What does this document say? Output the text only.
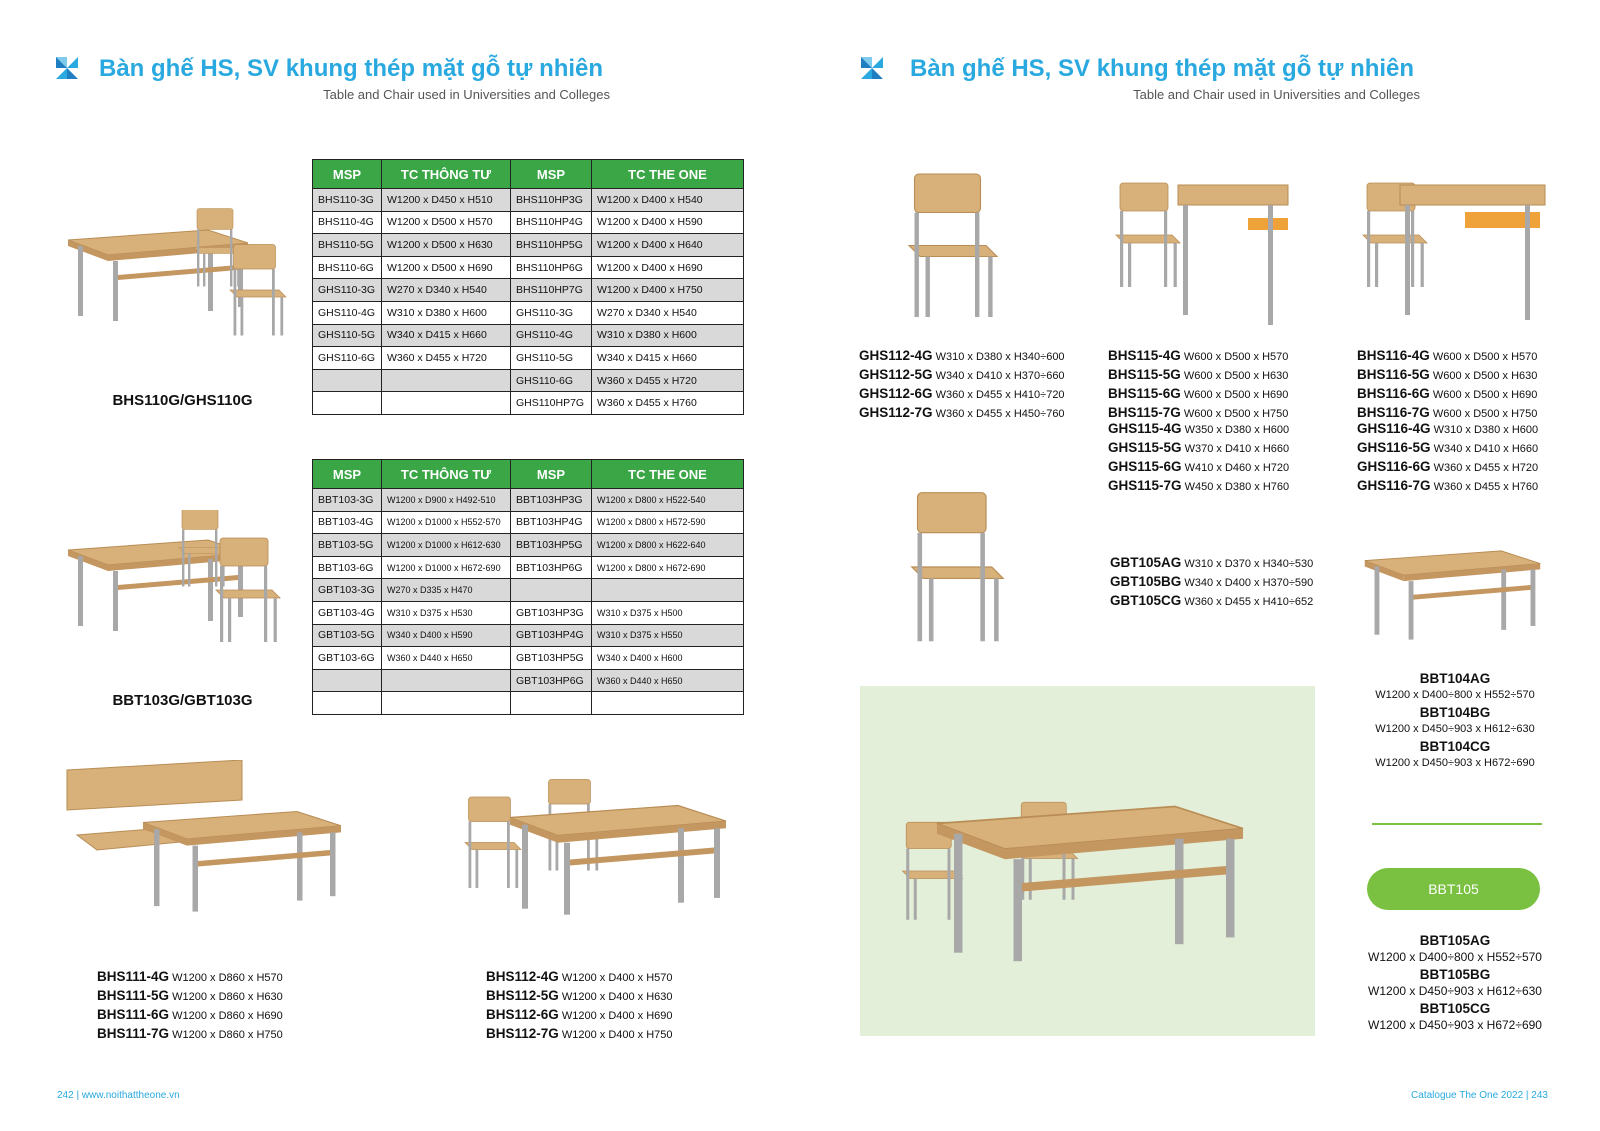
Bàn ghế HS, SV khung thép mặt gỗ tự nhiên
Table and Chair used in Universities and Colleges
BHS110G/GHS110G
MSP	TC THÔNG TƯ	MSP	TC THE ONE
BHS110-3G	W1200 x D450 x H510	BHS110HP3G	W1200 x D400 x H540
BHS110-4G	W1200 x D500 x H570	BHS110HP4G	W1200 x D400 x H590
BHS110-5G	W1200 x D500 x H630	BHS110HP5G	W1200 x D400 x H640
BHS110-6G	W1200 x D500 x H690	BHS110HP6G	W1200 x D400 x H690
GHS110-3G	W270 x D340 x H540	BHS110HP7G	W1200 x D400 x H750
GHS110-4G	W310 x D380 x H600	GHS110-3G	W270 x D340 x H540
GHS110-5G	W340 x D415 x H660	GHS110-4G	W310 x D380 x H600
GHS110-6G	W360 x D455 x H720	GHS110-5G	W340 x D415 x H660
		GHS110-6G	W360 x D455 x H720
		GHS110HP7G	W360 x D455 x H760
BBT103G/GBT103G
MSP	TC THÔNG TƯ	MSP	TC THE ONE
BBT103-3G	W1200 x D900 x H492-510	BBT103HP3G	W1200 x D800 x H522-540
BBT103-4G	W1200 x D1000 x H552-570	BBT103HP4G	W1200 x D800 x H572-590
BBT103-5G	W1200 x D1000 x H612-630	BBT103HP5G	W1200 x D800 x H622-640
BBT103-6G	W1200 x D1000 x H672-690	BBT103HP6G	W1200 x D800 x H672-690
GBT103-3G	W270 x D335 x H470		
GBT103-4G	W310 x D375 x H530	GBT103HP3G	W310 x D375 x H500
GBT103-5G	W340 x D400 x H590	GBT103HP4G	W310 x D375 x H550
GBT103-6G	W360 x D440 x H650	GBT103HP5G	W340 x D400 x H600
		GBT103HP6G	W360 x D440 x H650

BHS111-4G W1200 x D860 x H570
BHS111-5G W1200 x D860 x H630
BHS111-6G W1200 x D860 x H690
BHS111-7G W1200 x D860 x H750
BHS112-4G W1200 x D400 x H570
BHS112-5G W1200 x D400 x H630
BHS112-6G W1200 x D400 x H690
BHS112-7G W1200 x D400 x H750
242 | www.noithattheone.vn
Bàn ghế HS, SV khung thép mặt gỗ tự nhiên
Table and Chair used in Universities and Colleges
GHS112-4G W310 x D380 x H340÷600
GHS112-5G W340 x D410 x H370÷660
GHS112-6G W360 x D455 x H410÷720
GHS112-7G W360 x D455 x H450÷760
BHS115-4G W600 x D500 x H570
BHS115-5G W600 x D500 x H630
BHS115-6G W600 x D500 x H690
BHS115-7G W600 x D500 x H750
GHS115-4G W350 x D380 x H600
GHS115-5G W370 x D410 x H660
GHS115-6G W410 x D460 x H720
GHS115-7G W450 x D380 x H760
BHS116-4G W600 x D500 x H570
BHS116-5G W600 x D500 x H630
BHS116-6G W600 x D500 x H690
BHS116-7G W600 x D500 x H750
GHS116-4G W310 x D380 x H600
GHS116-5G W340 x D410 x H660
GHS116-6G W360 x D455 x H720
GHS116-7G W360 x D455 x H760
GBT105AG W310 x D370 x H340÷530
GBT105BG W340 x D400 x H370÷590
GBT105CG W360 x D455 x H410÷652
BBT104AG
W1200 x D400÷800 x H552÷570
BBT104BG
W1200 x D450÷903 x H612÷630
BBT104CG
W1200 x D450÷903 x H672÷690
BBT105
BBT105AG
W1200 x D400÷800 x H552÷570
BBT105BG
W1200 x D450÷903 x H612÷630
BBT105CG
W1200 x D450÷903 x H672÷690
Catalogue The One 2022 | 243
